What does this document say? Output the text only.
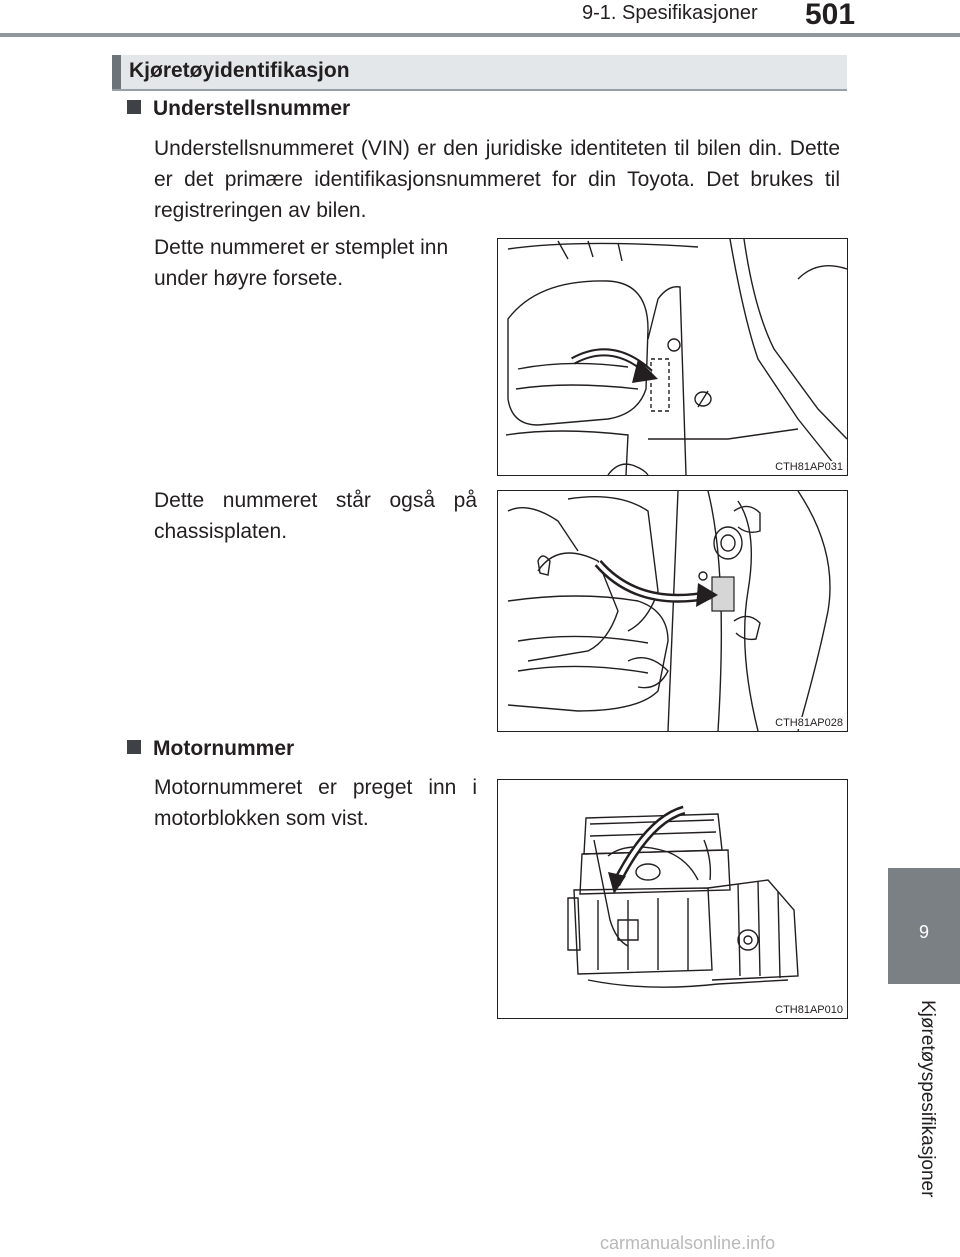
9-1. Spesifikasjoner 501
Kjøretøyidentifikasjon
Understellsnummer
Understellsnummeret (VIN) er den juridiske identiteten til bilen din. Dette er det primære identifikasjonsnummeret for din Toyota. Det brukes til registreringen av bilen.
Dette nummeret er stemplet inn under høyre forsete.
CTH81AP031
Dette nummeret står også på chassisplaten.
CTH81AP028
Motornummer
Motornummeret er preget inn i motorblokken som vist.
CTH81AP010
9
Kjøretøyspesifikasjoner
carmanualsonline.info
